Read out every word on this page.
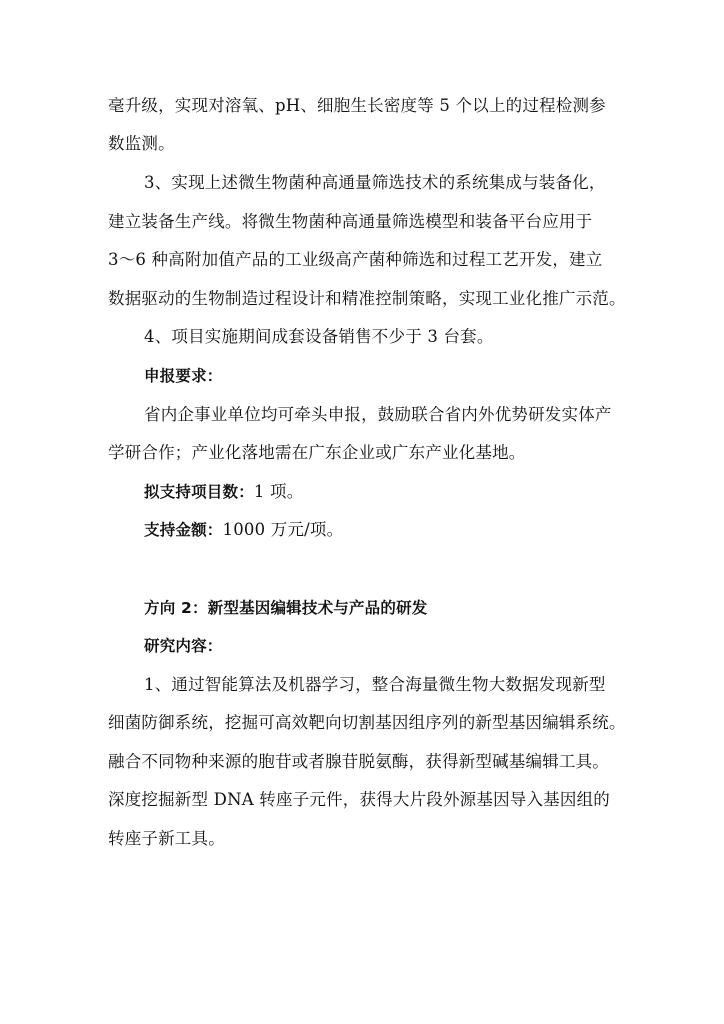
毫升级，实现对溶氧、pH、细胞生长密度等 5 个以上的过程检测参
数监测。
3、实现上述微生物菌种高通量筛选技术的系统集成与装备化，
建立装备生产线。将微生物菌种高通量筛选模型和装备平台应用于
3～6 种高附加值产品的工业级高产菌种筛选和过程工艺开发，建立
数据驱动的生物制造过程设计和精准控制策略，实现工业化推广示范。
4、项目实施期间成套设备销售不少于 3 台套。
申报要求：
省内企事业单位均可牵头申报，鼓励联合省内外优势研发实体产
学研合作；产业化落地需在广东企业或广东产业化基地。
拟支持项目数：1 项。
支持金额：1000 万元/项。
方向 2：新型基因编辑技术与产品的研发
研究内容：
1、通过智能算法及机器学习，整合海量微生物大数据发现新型
细菌防御系统，挖掘可高效靶向切割基因组序列的新型基因编辑系统。
融合不同物种来源的胞苷或者腺苷脱氨酶，获得新型碱基编辑工具。
深度挖掘新型 DNA 转座子元件，获得大片段外源基因导入基因组的
转座子新工具。
